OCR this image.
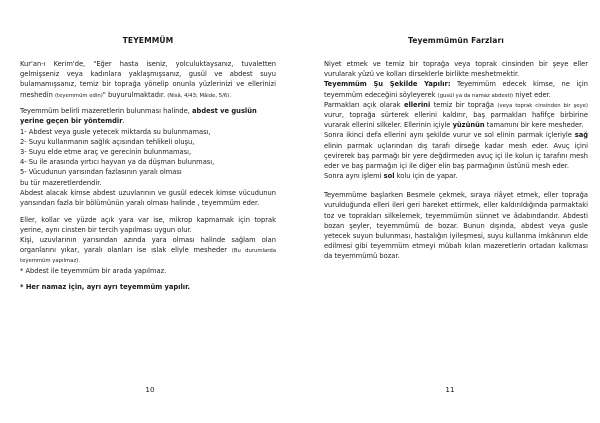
TEYEMMÜM

Kur'an-ı Kerim'de, "Eğer hasta iseniz, yolculuktaysanız, tuvaletten gelmişseniz veya kadınlara yaklaşmışsanız, gusül ve abdest suyu bulamamışsanız, temiz bir toprağa yönelip onunla yüzlerinizi ve ellerinizi meshedin (teyemmüm edin)" buyurulmaktadır. (Nisâ, 4/43; Mâide, 5/6).

Teyemmüm belirli mazeretlerin bulunması halinde, abdest ve guslün yerine geçen bir yöntemdir.

1- Abdest veya gusle yetecek miktarda su bulunmaması,

2- Suyu kullanmanın sağlık açısından tehlikeli oluşu,

3- Suyu elde etme araç ve gerecinin bulunmaması,

4- Su ile arasında yırtıcı hayvan ya da düşman bulunması,

5- Vücudunun yarısından fazlasının yaralı olması

bu tür mazeretlerdendir.

Abdest alacak kimse abdest uzuvlarının ve gusül edecek kimse vücudunun yarısından fazla bir bölümünün yaralı olması halinde , teyemmüm eder.

Eller, kollar ve yüzde açık yara var ise, mikrop kapmamak için toprak yerine, aynı cinsten bir tercih yapılması uygun olur.

Kişi, uzuvlarının yarısından azında yara olması halinde sağlam olan organlarını yıkar, yaralı olanları ise ıslak eliyle mesheder (Bu durumlarda teyemmüm yapılmaz).

* Abdest ile teyemmüm bir arada yapılmaz.

* Her namaz için, ayrı ayrı teyemmüm yapılır.

10
Teyemmümün Farzları

Niyet etmek ve temiz bir toprağa veya toprak cinsinden bir şeye eller vurularak yüzü ve kolları dirseklerle birlikte meshetmektir.

Teyemmüm Şu Şekilde Yapılır: Teyemmüm edecek kimse, ne için teyemmüm edeceğini söyleyerek (gusül ya da namaz abdesti) niyet eder.

Parmakları açık olarak ellerini temiz bir toprağa (veya toprak cinsinden bir şeye) vurur, toprağa sürterek ellerini kaldırır, baş parmakları hafifçe birbirine vurarak ellerini silkeler. Ellerinin içiyle yüzünün tamamını bir kere mesheder.

Sonra ikinci defa ellerini aynı şekilde vurur ve sol elinin parmak içleriyle sağ elinin parmak uçlarından dış tarafı dirseğe kadar mesh eder. Avuç içini çevirerek baş parmağı bir yere değdirmeden avuç içi ile kolun iç tarafını mesh eder ve baş parmağın içi ile diğer elin baş parmağının üstünü mesh eder.

Sonra aynı işlemi sol kolu için de yapar.

Teyemmüme başlarken Besmele çekmek, sıraya riâyet etmek, eller toprağa vurulduğunda elleri ileri geri hareket ettirmek, eller kaldırıldığında parmaktaki toz ve toprakları silkelemek, teyemmümün sünnet ve âdabındandır. Abdesti bozan şeyler, teyemmümü de bozar. Bunun dışında, abdest veya gusle yetecek suyun bulunması, hastalığın iyileşmesi, suyu kullanma imkânının elde edilmesi gibi teyemmüm etmeyi mübah kılan mazeretlerin ortadan kalkması da teyemmümü bozar.

11
